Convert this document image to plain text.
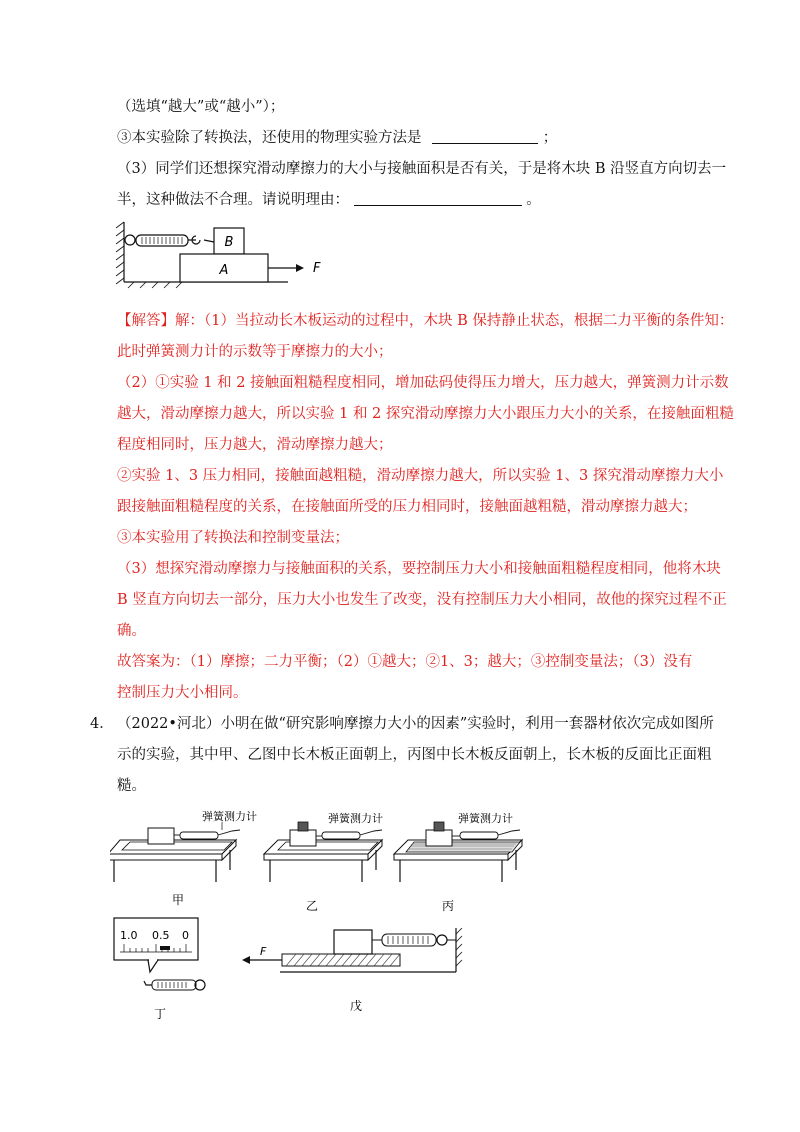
（选填“越大”或“越小”）；
③本实验除了转换法，还使用的物理实验方法是	；
（3）同学们还想探究滑动摩擦力的大小与接触面积是否有关，于是将木块 B 沿竖直方向切去一
半，这种做法不合理。请说明理由：	。
B
A	F
【解答】解：（1）当拉动长木板运动的过程中，木块 B 保持静止状态，根据二力平衡的条件知：
此时弹簧测力计的示数等于摩擦力的大小；
（2）①实验 1 和 2 接触面粗糙程度相同，增加砝码使得压力增大，压力越大，弹簧测力计示数
越大，滑动摩擦力越大，所以实验 1 和 2 探究滑动摩擦力大小跟压力大小的关系，在接触面粗糙
程度相同时，压力越大，滑动摩擦力越大；
②实验 1、3 压力相同，接触面越粗糙，滑动摩擦力越大，所以实验 1、3 探究滑动摩擦力大小
跟接触面粗糙程度的关系，在接触面所受的压力相同时，接触面越粗糙，滑动摩擦力越大；
③本实验用了转换法和控制变量法；
（3）想探究滑动摩擦力与接触面积的关系，要控制压力大小和接触面粗糙程度相同，他将木块
B 竖直方向切去一部分，压力大小也发生了改变，没有控制压力大小相同，故他的探究过程不正
确。
故答案为：（1）摩擦；二力平衡；（2）①越大；②1、3；越大；③控制变量法；（3）没有
控制压力大小相同。
4． （2022•河北）小明在做“研究影响摩擦力大小的因素”实验时，利用一套器材依次完成如图所
示的实验，其中甲、乙图中长木板正面朝上，丙图中长木板反面朝上，长木板的反面比正面粗
糙。
弹簧测力计
甲
弹簧测力计
乙
弹簧测力计
丙
1.0 0.5 0
丁
F
戊
